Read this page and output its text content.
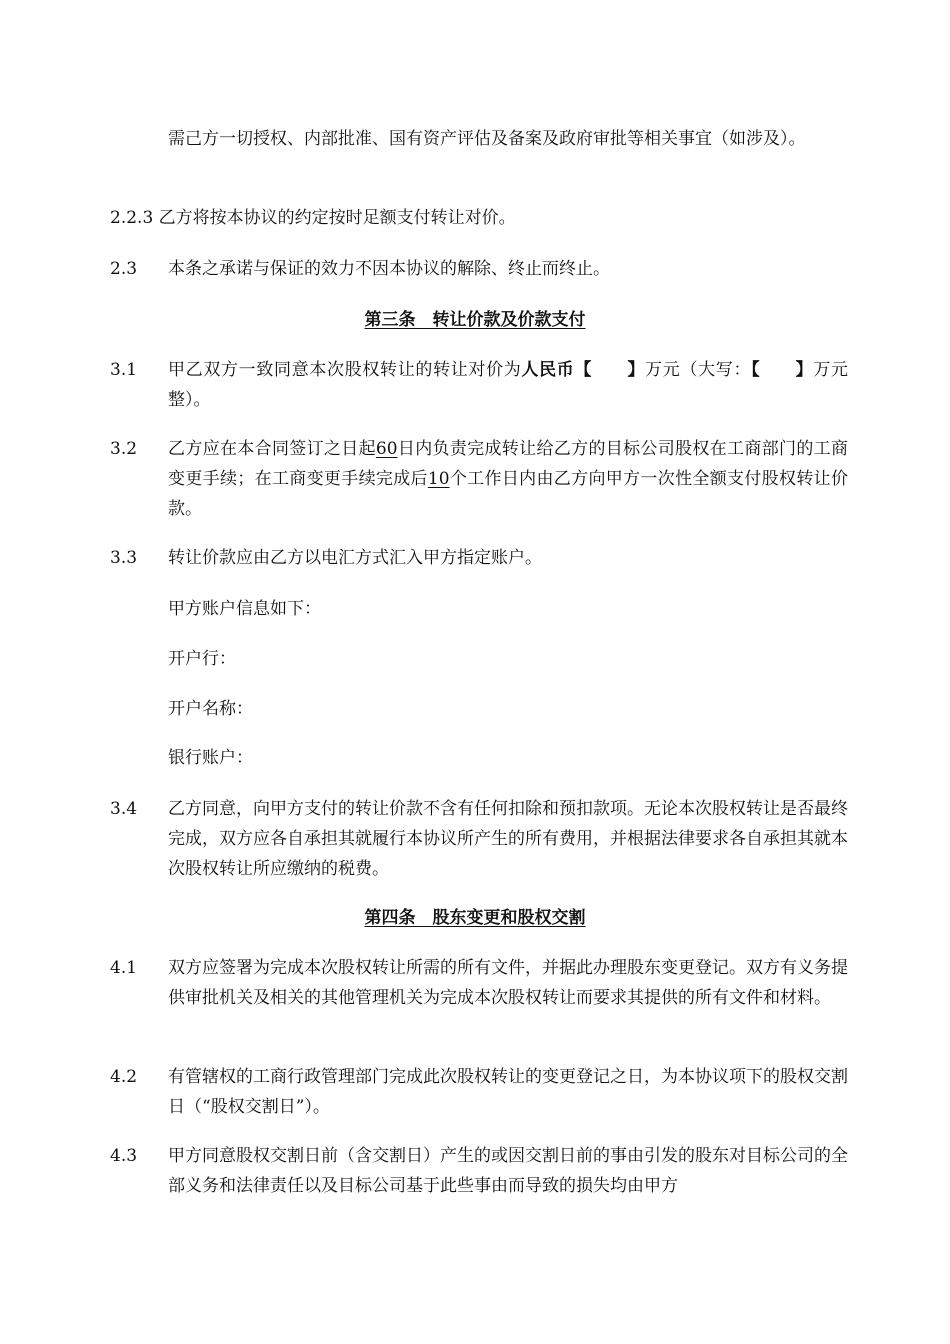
需己方一切授权、内部批准、国有资产评估及备案及政府审批等相关事宜（如涉及）。
2.2.3 乙方将按本协议的约定按时足额支付转让对价。
2.3	本条之承诺与保证的效力不因本协议的解除、终止而终止。
第三条　转让价款及价款支付
3.1	甲乙双方一致同意本次股权转让的转让对价为人民币【　　】万元（大写：【　　】万元整）。
3.2	乙方应在本合同签订之日起60日内负责完成转让给乙方的目标公司股权在工商部门的工商变更手续；在工商变更手续完成后10个工作日内由乙方向甲方一次性全额支付股权转让价款。
3.3	转让价款应由乙方以电汇方式汇入甲方指定账户。
甲方账户信息如下：
开户行：
开户名称：
银行账户：
3.4	乙方同意，向甲方支付的转让价款不含有任何扣除和预扣款项。无论本次股权转让是否最终完成，双方应各自承担其就履行本协议所产生的所有费用，并根据法律要求各自承担其就本次股权转让所应缴纳的税费。
第四条　股东变更和股权交割
4.1	双方应签署为完成本次股权转让所需的所有文件，并据此办理股东变更登记。双方有义务提供审批机关及相关的其他管理机关为完成本次股权转让而要求其提供的所有文件和材料。
4.2	有管辖权的工商行政管理部门完成此次股权转让的变更登记之日，为本协议项下的股权交割日（“股权交割日”）。
4.3	甲方同意股权交割日前（含交割日）产生的或因交割日前的事由引发的股东对目标公司的全部义务和法律责任以及目标公司基于此些事由而导致的损失均由甲方
